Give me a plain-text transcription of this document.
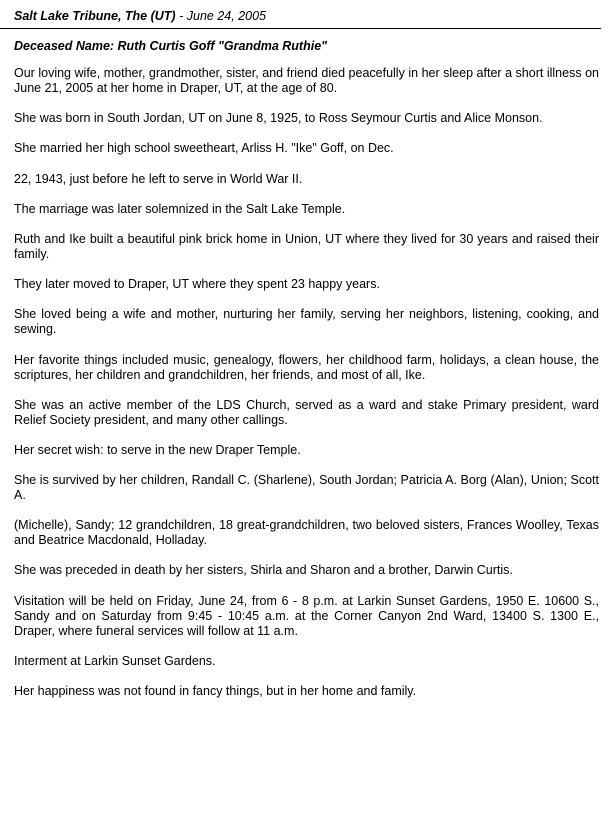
Salt Lake Tribune, The (UT) - June 24, 2005
Deceased Name: Ruth Curtis Goff "Grandma Ruthie"

Our loving wife, mother, grandmother, sister, and friend died peacefully in her sleep after a short illness on June 21, 2005 at her home in Draper, UT, at the age of 80.

She was born in South Jordan, UT on June 8, 1925, to Ross Seymour Curtis and Alice Monson.

She married her high school sweetheart, Arliss H. "Ike" Goff, on Dec.

22, 1943, just before he left to serve in World War II.

The marriage was later solemnized in the Salt Lake Temple.

Ruth and Ike built a beautiful pink brick home in Union, UT where they lived for 30 years and raised their family.

They later moved to Draper, UT where they spent 23 happy years.

She loved being a wife and mother, nurturing her family, serving her neighbors, listening, cooking, and sewing.

Her favorite things included music, genealogy, flowers, her childhood farm, holidays, a clean house, the scriptures, her children and grandchildren, her friends, and most of all, Ike.

She was an active member of the LDS Church, served as a ward and stake Primary president, ward Relief Society president, and many other callings.

Her secret wish: to serve in the new Draper Temple.

She is survived by her children, Randall C. (Sharlene), South Jordan; Patricia A. Borg (Alan), Union; Scott A.

(Michelle), Sandy; 12 grandchildren, 18 great-grandchildren, two beloved sisters, Frances Woolley, Texas and Beatrice Macdonald, Holladay.

She was preceded in death by her sisters, Shirla and Sharon and a brother, Darwin Curtis.

Visitation will be held on Friday, June 24, from 6 - 8 p.m. at Larkin Sunset Gardens, 1950 E. 10600 S., Sandy and on Saturday from 9:45 - 10:45 a.m. at the Corner Canyon 2nd Ward, 13400 S. 1300 E., Draper, where funeral services will follow at 11 a.m.

Interment at Larkin Sunset Gardens.

Her happiness was not found in fancy things, but in her home and family.
